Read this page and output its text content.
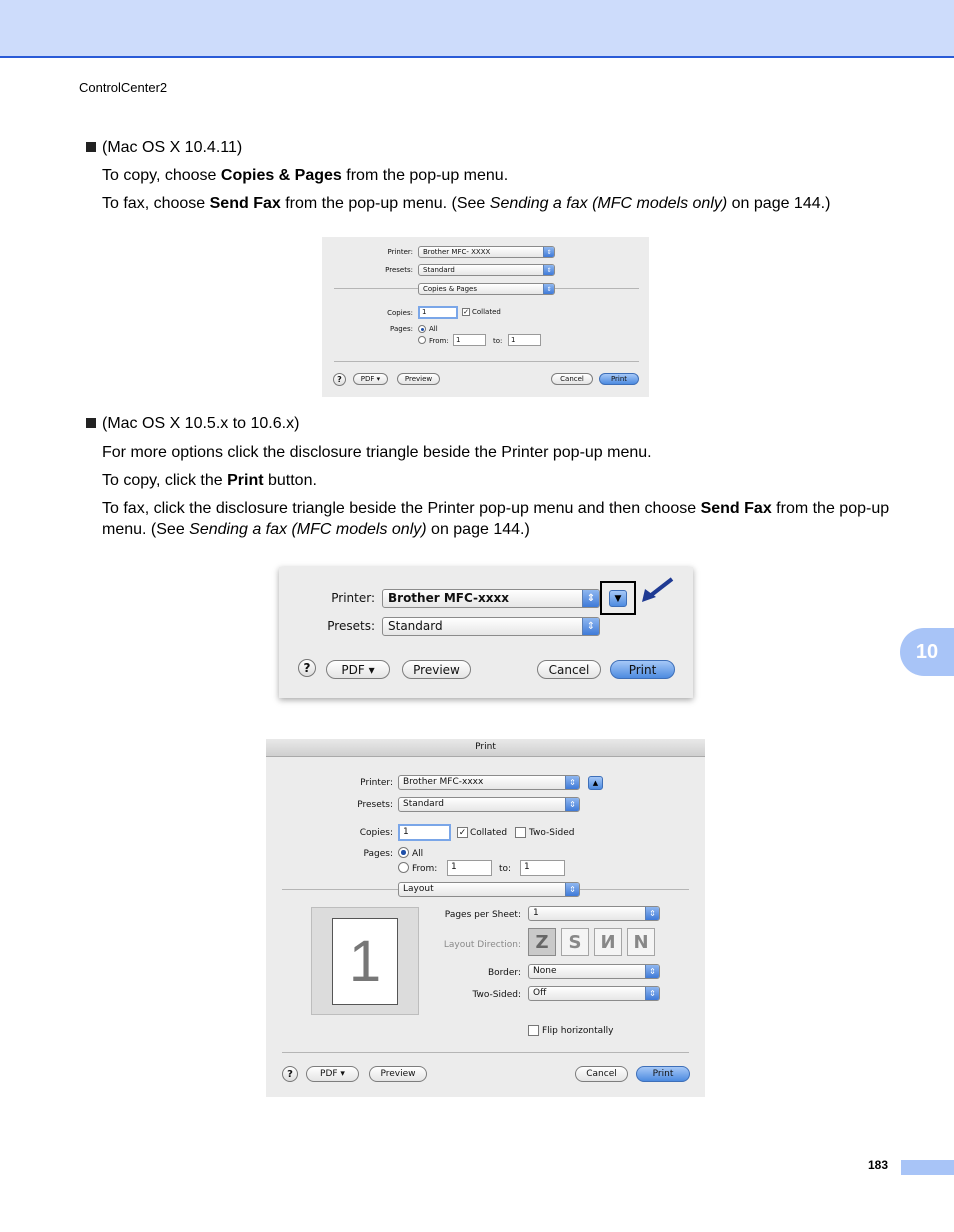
ControlCenter2
(Mac OS X 10.4.11)
To copy, choose Copies & Pages from the pop-up menu.
To fax, choose Send Fax from the pop-up menu. (See Sending a fax (MFC models only) on page 144.)
Printer:	Brother MFC- XXXX	⇕
Presets:	Standard	⇕
Copies & Pages	⇕
Copies:	1	✓ Collated
Pages: All
From:	1	to:	1
?	PDF ▾	Preview	Cancel	Print
(Mac OS X 10.5.x to 10.6.x)
For more options click the disclosure triangle beside the Printer pop-up menu.
To copy, click the Print button.
To fax, click the disclosure triangle beside the Printer pop-up menu and then choose Send Fax from the pop-up menu. (See Sending a fax (MFC models only) on page 144.)
Printer:	Brother MFC-xxxx	⇕	▼
Presets:	Standard	⇕
?	PDF ▾	Preview	Cancel	Print
Print
Printer:	Brother MFC-xxxx	⇕	▲
Presets:	Standard	⇕
Copies:	1	✓ Collated Two-Sided
Pages: All
From:	1	to:	1
Layout	⇕
1
Pages per Sheet:	1	⇕
Layout Direction: Z	S	И N
Border:	None	⇕
Two-Sided:	Off	⇕
Flip horizontally
?	PDF ▾	Preview	Cancel	Print
10
183
